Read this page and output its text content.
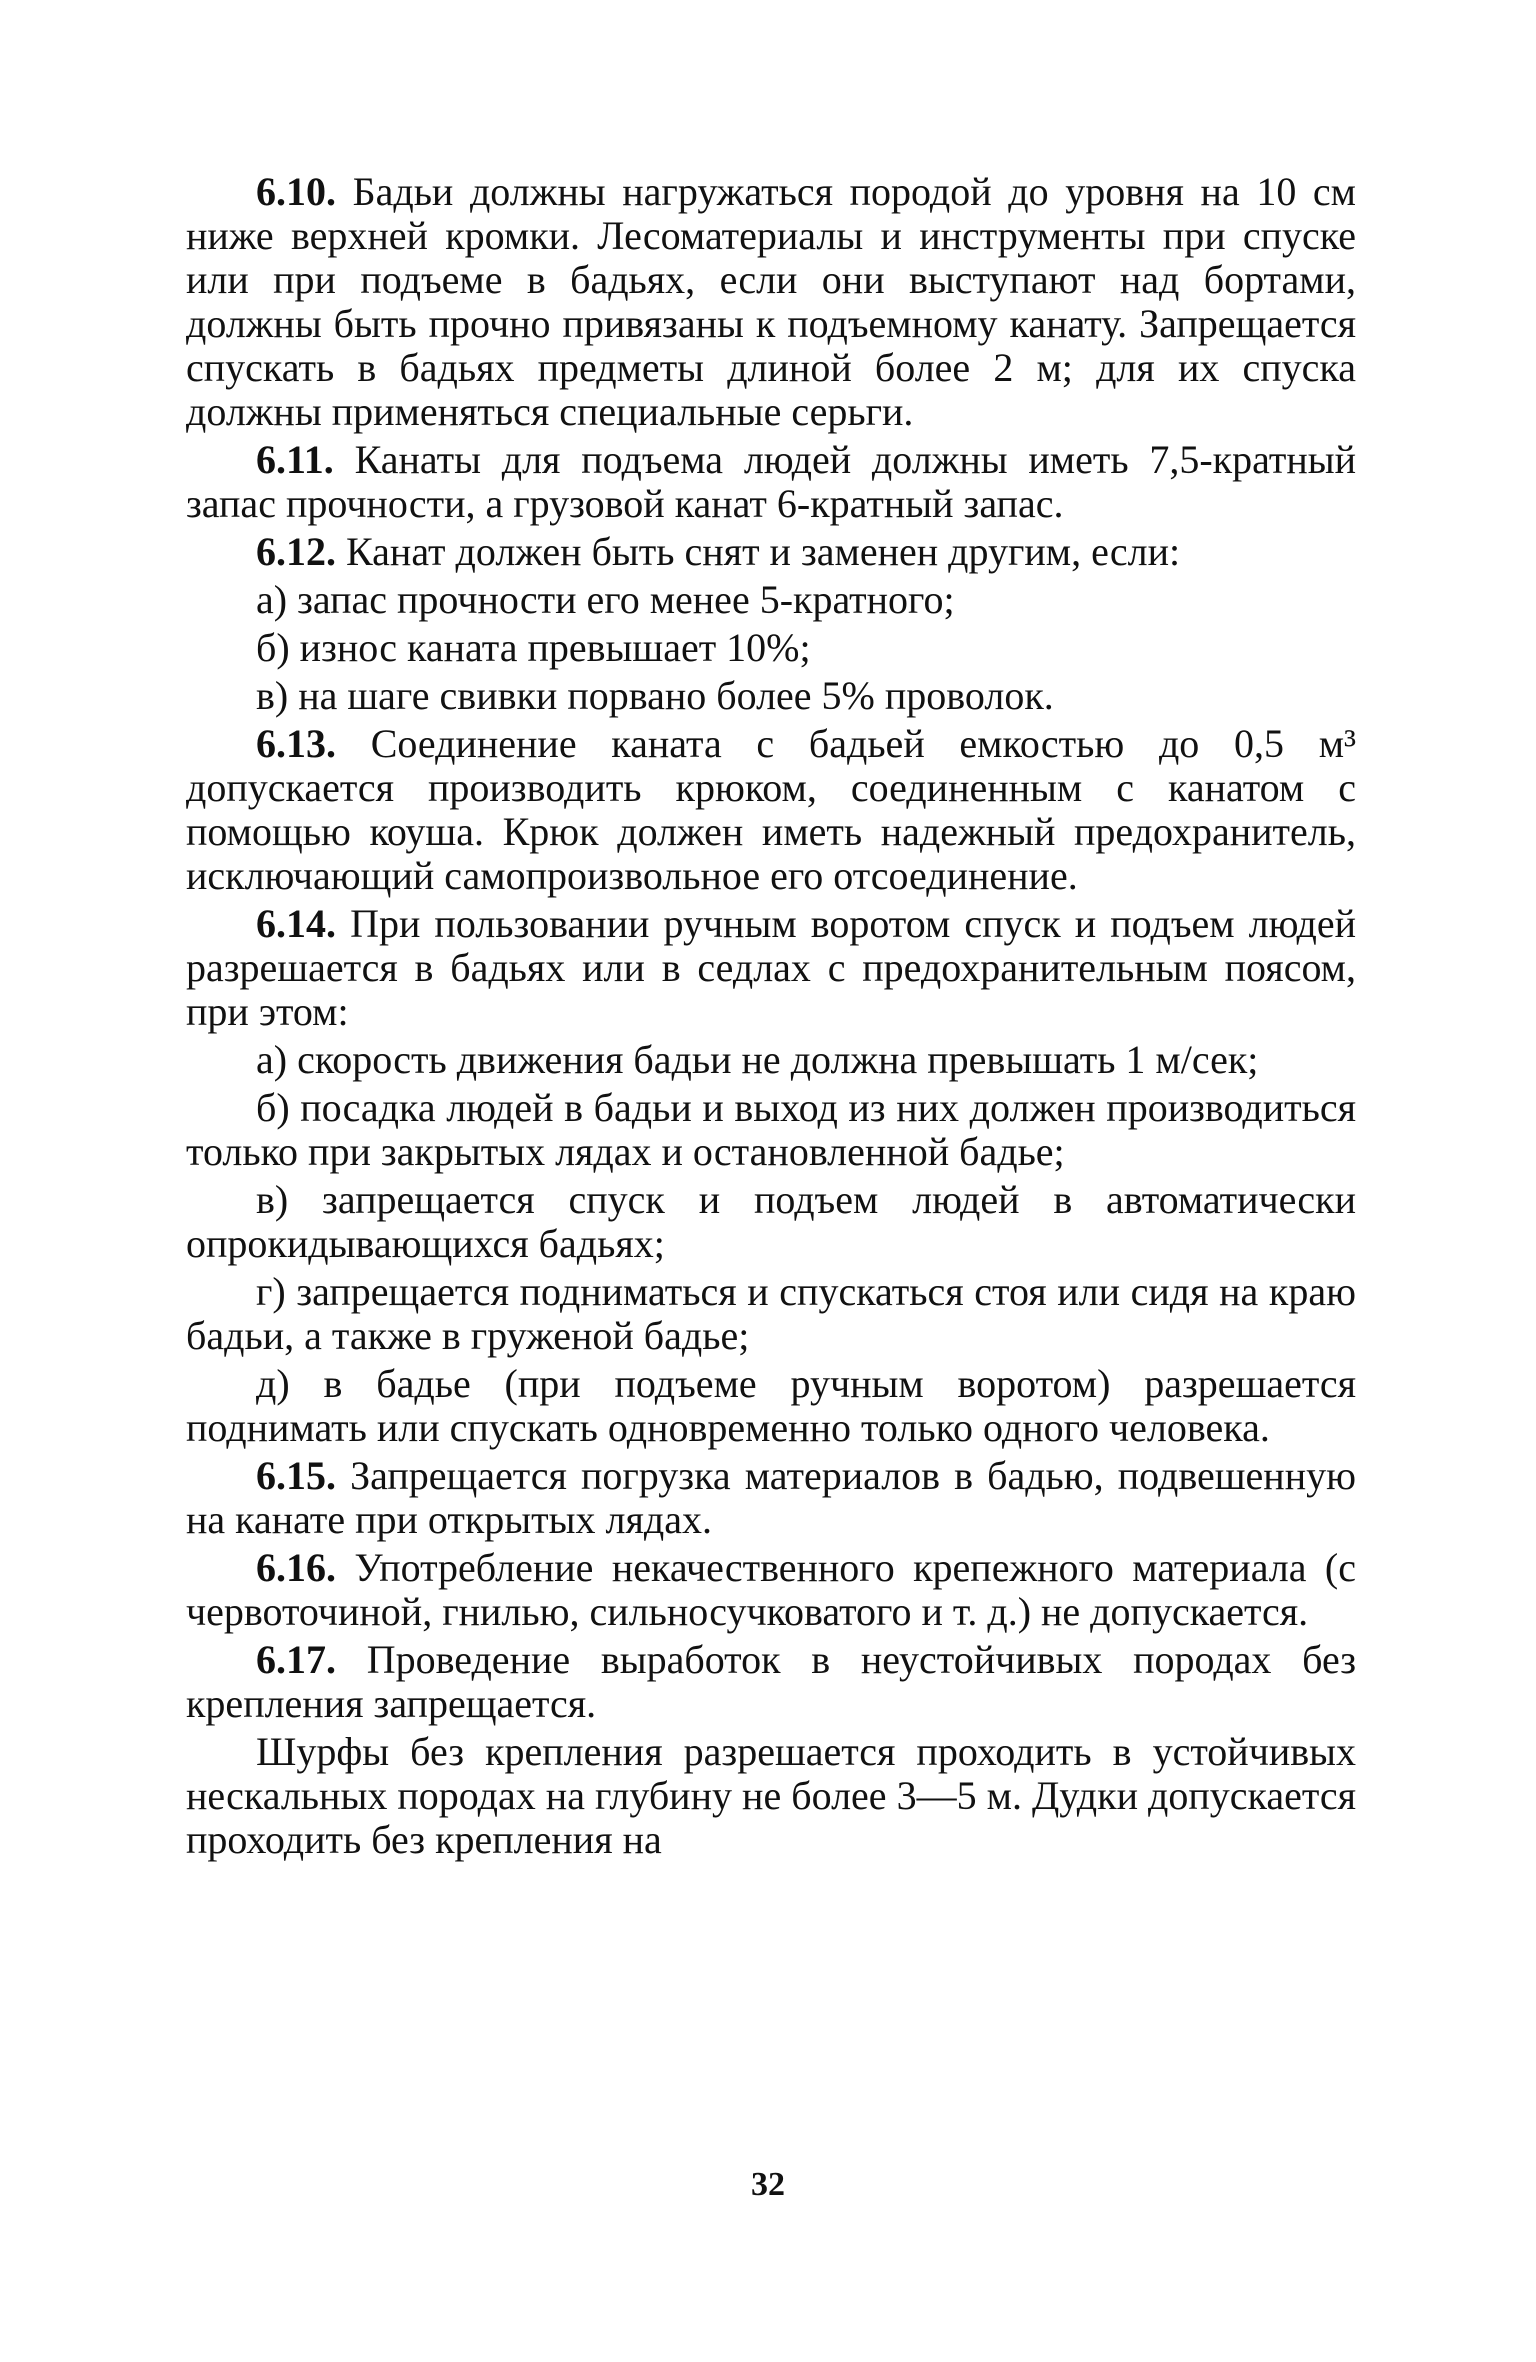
6.10. Бадьи должны нагружаться породой до уровня на 10 см ниже верхней кромки. Лесоматериалы и инструменты при спуске или при подъеме в бадьях, если они выступают над бортами, должны быть прочно привязаны к подъемному канату. Запрещается спускать в бадьях предметы длиной более 2 м; для их спуска должны применяться специальные серьги.

6.11. Канаты для подъема людей должны иметь 7,5-кратный запас прочности, а грузовой канат 6-кратный запас.

6.12. Канат должен быть снят и заменен другим, если:

а) запас прочности его менее 5-кратного;

б) износ каната превышает 10%;

в) на шаге свивки порвано более 5% проволок.

6.13. Соединение каната с бадьей емкостью до 0,5 м³ допускается производить крюком, соединенным с канатом с помощью коуша. Крюк должен иметь надежный предохранитель, исключающий самопроизвольное его отсоединение.

6.14. При пользовании ручным воротом спуск и подъем людей разрешается в бадьях или в седлах с предохранительным поясом, при этом:

а) скорость движения бадьи не должна превышать 1 м/сек;

б) посадка людей в бадьи и выход из них должен производиться только при закрытых лядах и остановленной бадье;

в) запрещается спуск и подъем людей в автоматически опрокидывающихся бадьях;

г) запрещается подниматься и спускаться стоя или сидя на краю бадьи, а также в груженой бадье;

д) в бадье (при подъеме ручным воротом) разрешается поднимать или спускать одновременно только одного человека.

6.15. Запрещается погрузка материалов в бадью, подвешенную на канате при открытых лядах.

6.16. Употребление некачественного крепежного материала (с червоточиной, гнилью, сильносучковатого и т. д.) не допускается.

6.17. Проведение выработок в неустойчивых породах без крепления запрещается.

Шурфы без крепления разрешается проходить в устойчивых нескальных породах на глубину не более 3—5 м. Дудки допускается проходить без крепления на

32
